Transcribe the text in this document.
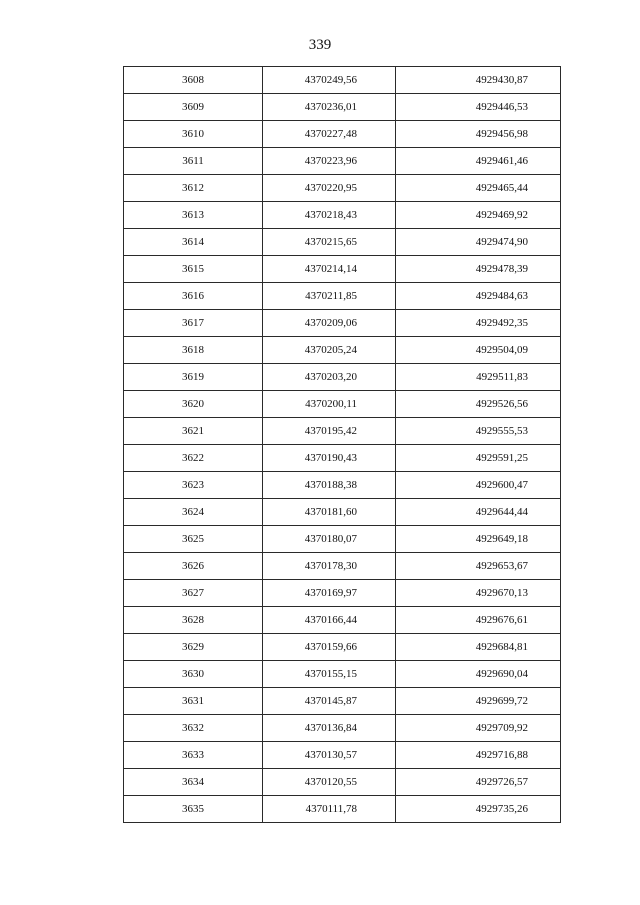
339
3608	4370249,56	4929430,87
3609	4370236,01	4929446,53
3610	4370227,48	4929456,98
3611	4370223,96	4929461,46
3612	4370220,95	4929465,44
3613	4370218,43	4929469,92
3614	4370215,65	4929474,90
3615	4370214,14	4929478,39
3616	4370211,85	4929484,63
3617	4370209,06	4929492,35
3618	4370205,24	4929504,09
3619	4370203,20	4929511,83
3620	4370200,11	4929526,56
3621	4370195,42	4929555,53
3622	4370190,43	4929591,25
3623	4370188,38	4929600,47
3624	4370181,60	4929644,44
3625	4370180,07	4929649,18
3626	4370178,30	4929653,67
3627	4370169,97	4929670,13
3628	4370166,44	4929676,61
3629	4370159,66	4929684,81
3630	4370155,15	4929690,04
3631	4370145,87	4929699,72
3632	4370136,84	4929709,92
3633	4370130,57	4929716,88
3634	4370120,55	4929726,57
3635	4370111,78	4929735,26
